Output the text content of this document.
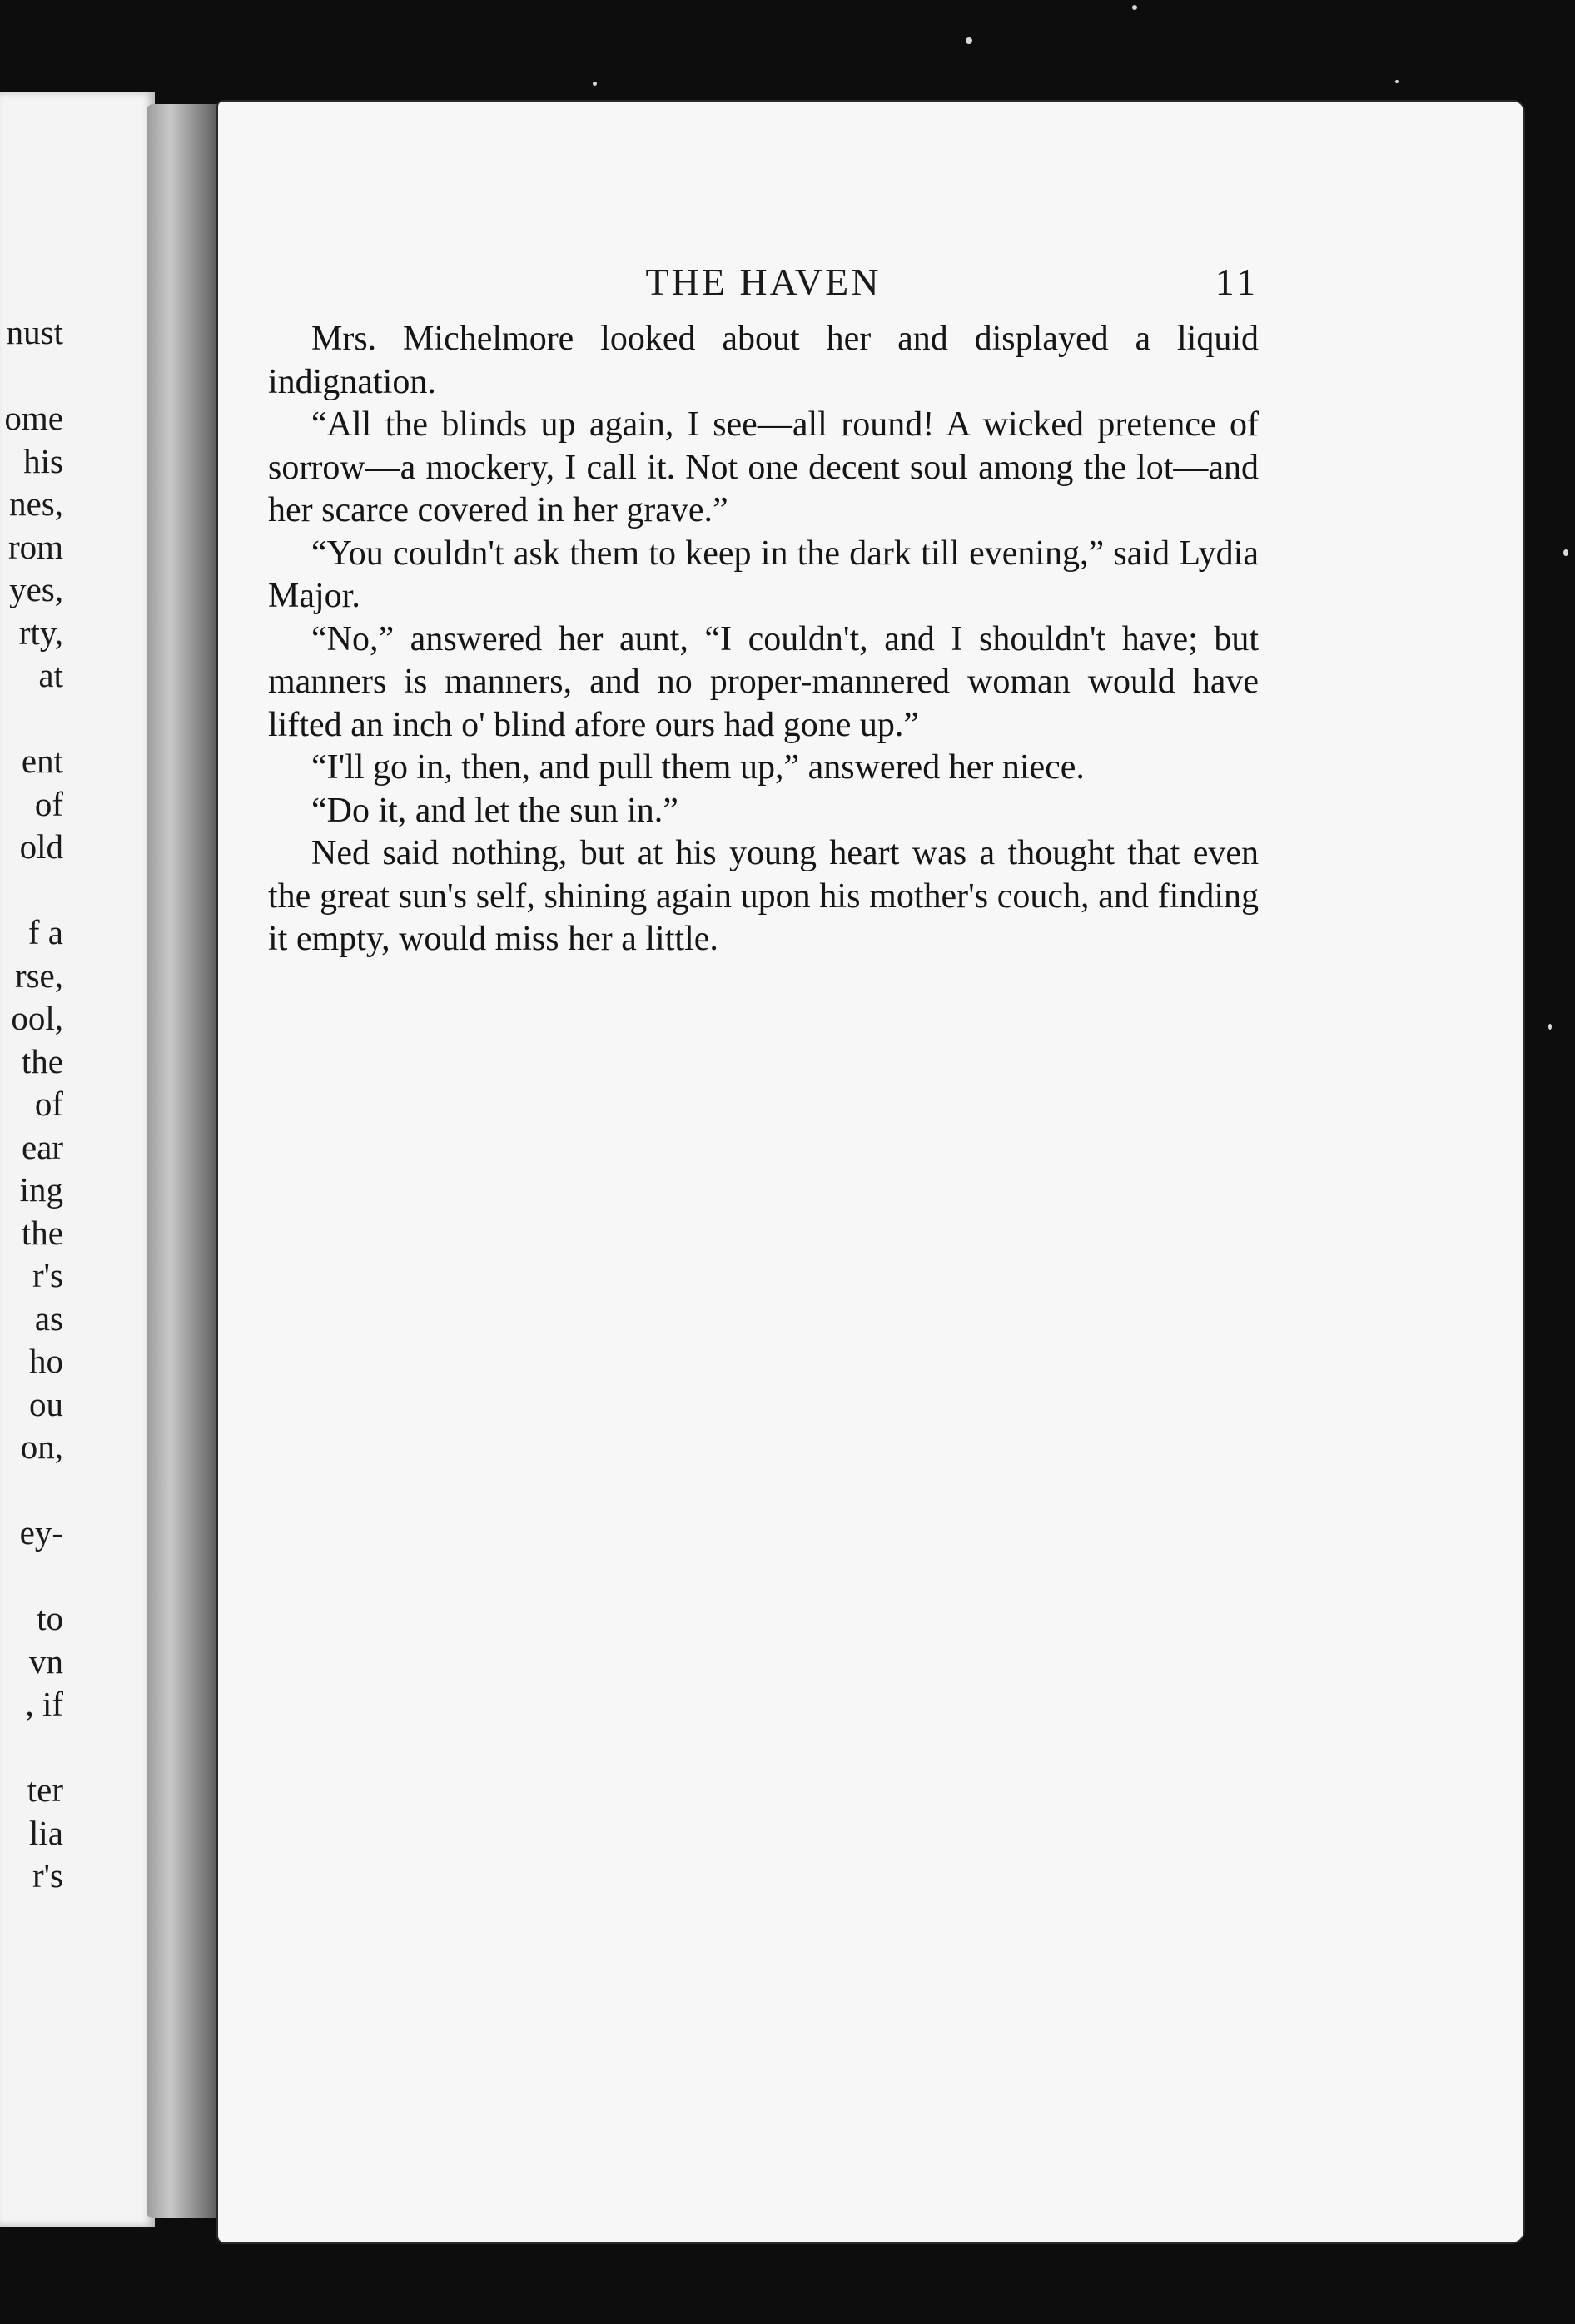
nust
ome
his
nes,
rom
yes,
rty,
at
ent
of
old
f a
rse,
ool,
the
of
ear
ing
the
r's
as
ho
ou
on,
ey-
to
vn
, if
ter
lia
r's
THE HAVEN	11

Mrs. Michelmore looked about her and displayed a liquid indignation.

“All the blinds up again, I see—all round! A wicked pretence of sorrow—a mockery, I call it. Not one decent soul among the lot—and her scarce covered in her grave.”

“You couldn't ask them to keep in the dark till evening,” said Lydia Major.

“No,” answered her aunt, “I couldn't, and I shouldn't have; but manners is manners, and no proper-mannered woman would have lifted an inch o' blind afore ours had gone up.”

“I'll go in, then, and pull them up,” answered her niece.

“Do it, and let the sun in.”

Ned said nothing, but at his young heart was a thought that even the great sun's self, shining again upon his mother's couch, and finding it empty, would miss her a little.
